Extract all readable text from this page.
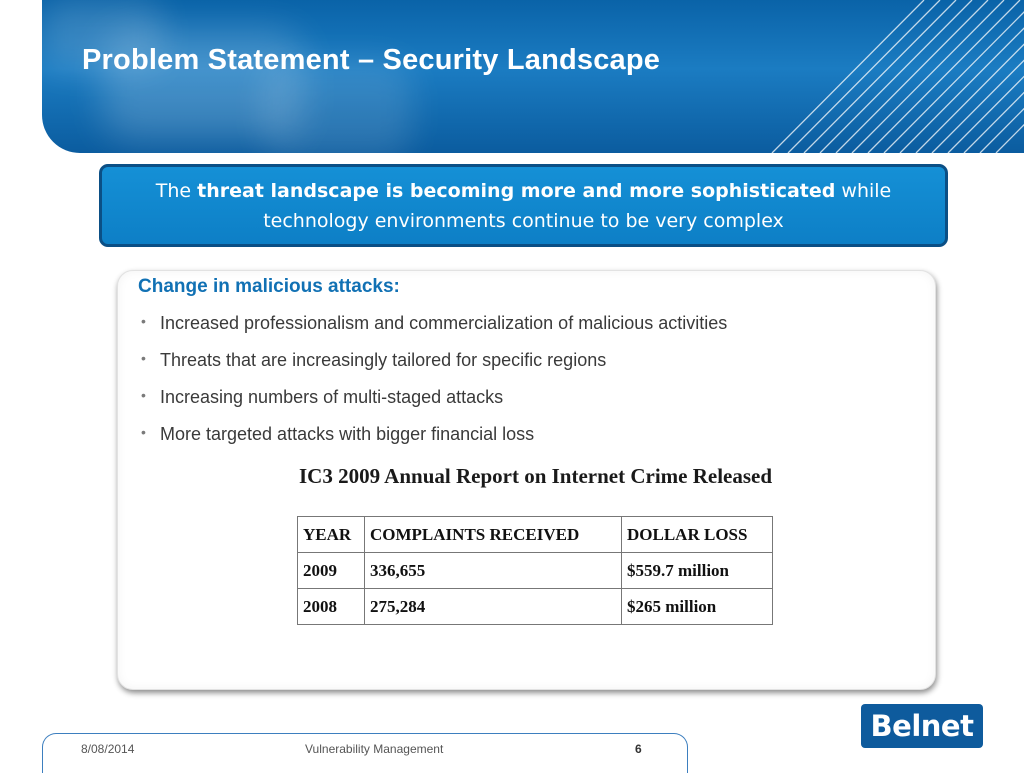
Problem Statement – Security Landscape

The threat landscape is becoming more and more sophisticated while technology environments continue to be very complex

Change in malicious attacks:
• Increased professionalism and commercialization of malicious activities
• Threats that are increasingly tailored for specific regions
• Increasing numbers of multi-staged attacks
• More targeted attacks with bigger financial loss
IC3 2009 Annual Report on Internet Crime Released
YEAR	COMPLAINTS RECEIVED	DOLLAR LOSS
2009	336,655	$559.7 million
2008	275,284	$265 million
8/08/2014	Vulnerability Management	6
Belnet
